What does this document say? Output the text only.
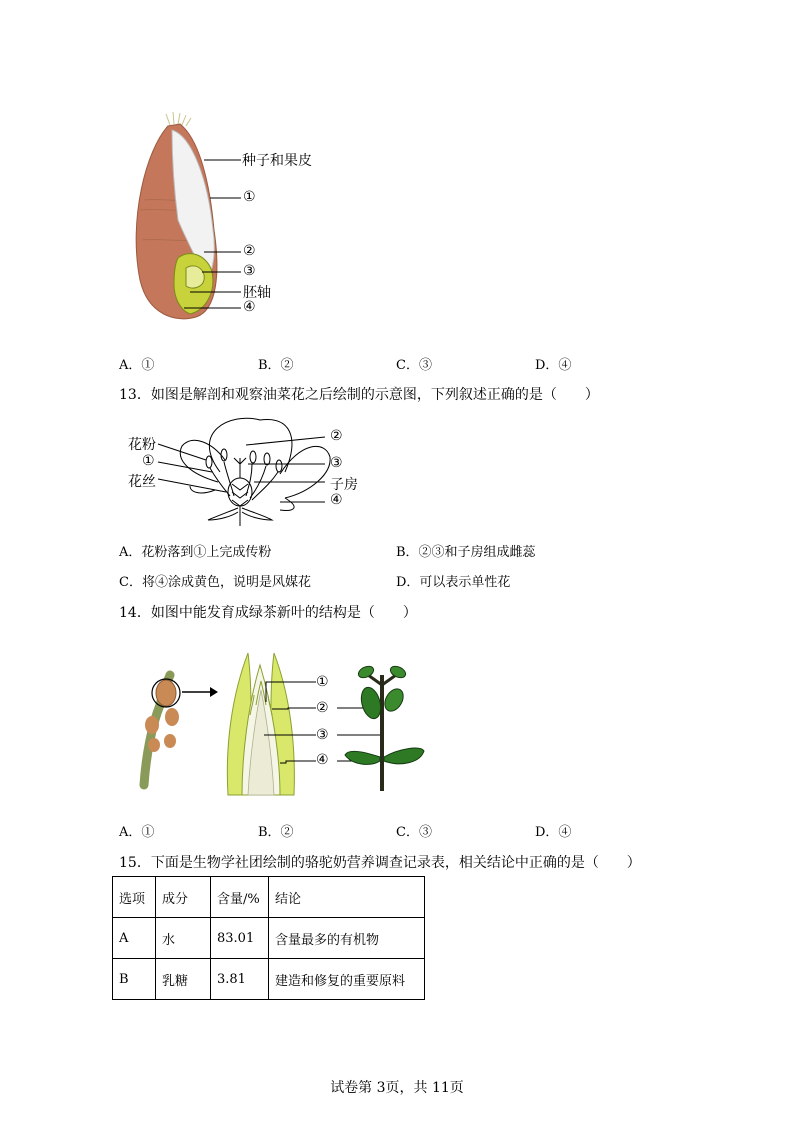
种子和果皮
①
②
③
胚轴
④
A．①	B．②	C．③	D．④
13．如图是解剖和观察油菜花之后绘制的示意图，下列叙述正确的是（　　）
花粉
①
花丝
②
③
子房
④
A．花粉落到①上完成传粉	B．②③和子房组成雌蕊
C．将④涂成黄色，说明是风媒花	D．可以表示单性花
14．如图中能发育成绿茶新叶的结构是（　　）
①
②
③
④
A．①	B．②	C．③	D．④
15．下面是生物学社团绘制的骆驼奶营养调查记录表，相关结论中正确的是（　　）
选项	成分	含量/%	结论
A	水	83.01	含量最多的有机物
B	乳糖	3.81	建造和修复的重要原料
试卷第 3页，共 11页
